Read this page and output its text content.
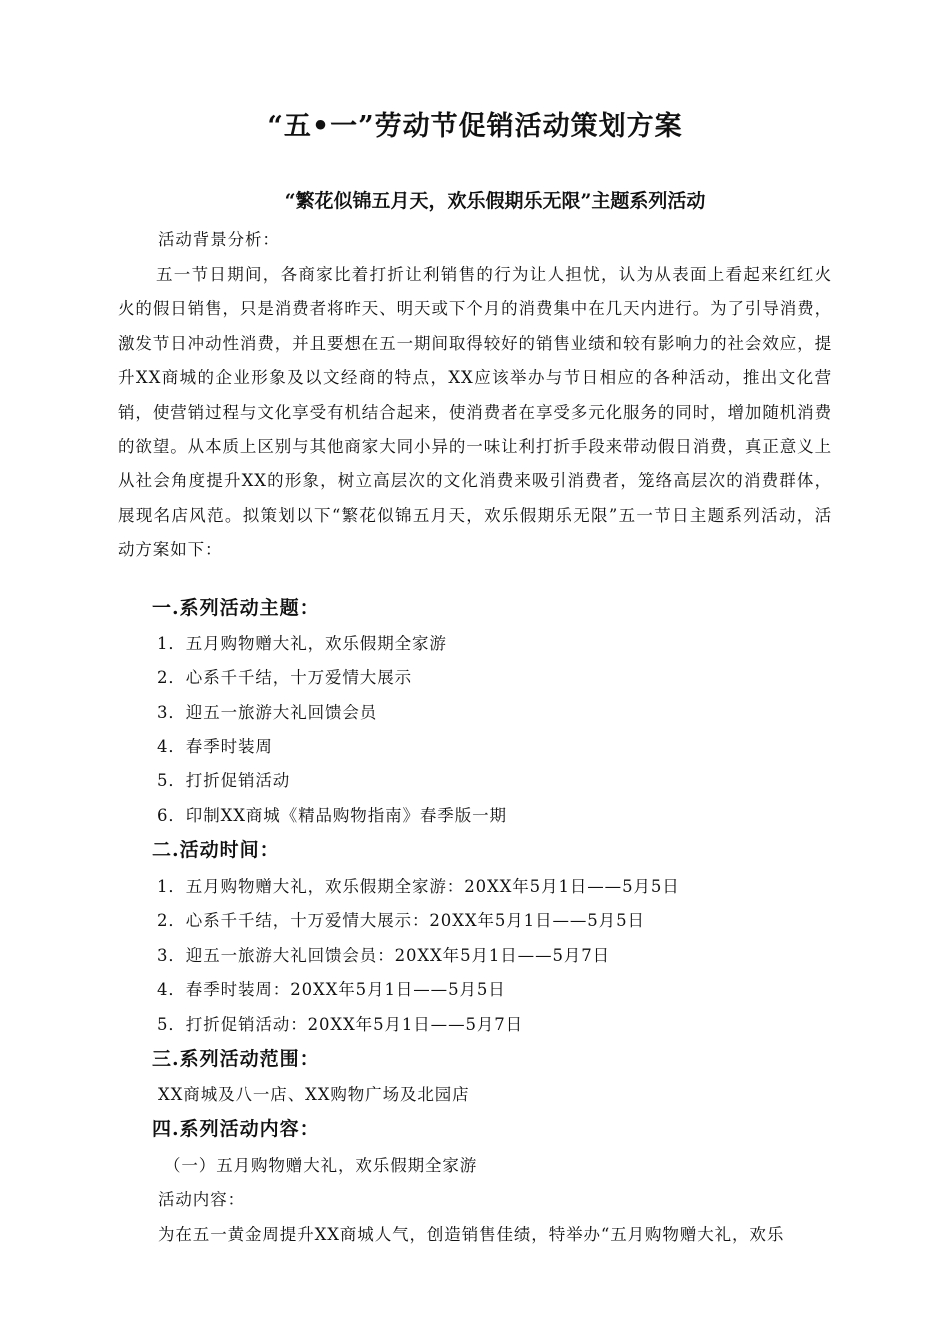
“五•一”劳动节促销活动策划方案
“繁花似锦五月天，欢乐假期乐无限”主题系列活动
活动背景分析：
五一节日期间，各商家比着打折让利销售的行为让人担忧，认为从表面上看起来红红火火的假日销售，只是消费者将昨天、明天或下个月的消费集中在几天内进行。为了引导消费，激发节日冲动性消费，并且要想在五一期间取得较好的销售业绩和较有影响力的社会效应，提升XX商城的企业形象及以文经商的特点，XX应该举办与节日相应的各种活动，推出文化营销，使营销过程与文化享受有机结合起来，使消费者在享受多元化服务的同时，增加随机消费的欲望。从本质上区别与其他商家大同小异的一味让利打折手段来带动假日消费，真正意义上从社会角度提升XX的形象，树立高层次的文化消费来吸引消费者，笼络高层次的消费群体，展现名店风范。拟策划以下“繁花似锦五月天，欢乐假期乐无限”五一节日主题系列活动，活动方案如下：
一.系列活动主题：
1．五月购物赠大礼，欢乐假期全家游
2．心系千千结，十万爱情大展示
3．迎五一旅游大礼回馈会员
4．春季时装周
5．打折促销活动
6．印制XX商城《精品购物指南》春季版一期
二.活动时间：
1．五月购物赠大礼，欢乐假期全家游：20XX年5月1日——5月5日
2．心系千千结，十万爱情大展示：20XX年5月1日——5月5日
3．迎五一旅游大礼回馈会员：20XX年5月1日——5月7日
4．春季时装周：20XX年5月1日——5月5日
5．打折促销活动：20XX年5月1日——5月7日
三.系列活动范围：
XX商城及八一店、XX购物广场及北园店
四.系列活动内容：
（一）五月购物赠大礼，欢乐假期全家游
活动内容：
为在五一黄金周提升XX商城人气，创造销售佳绩，特举办“五月购物赠大礼，欢乐
